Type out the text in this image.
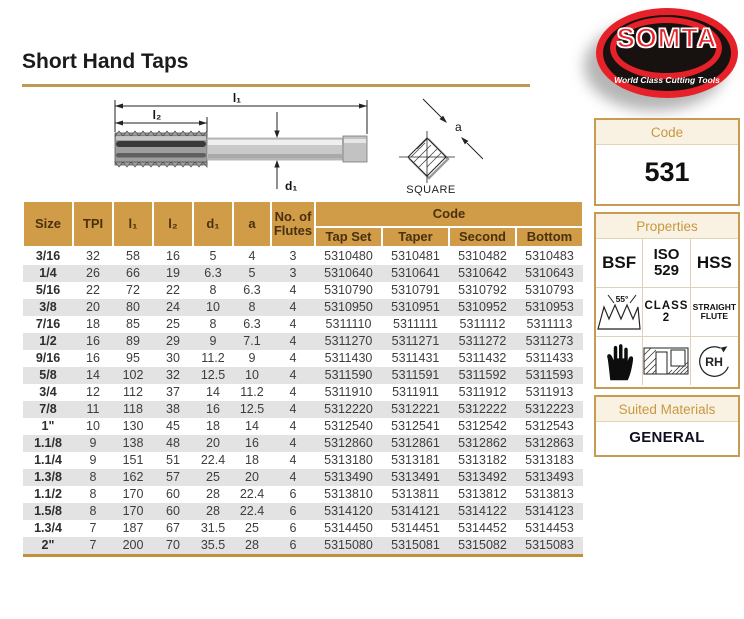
Short Hand Taps
SOMTA
World Class Cutting Tools
l₁
l₂
d₁
a
SQUARE
Code
531
Properties
BSF ISO
529 HSS
55°
CLASS
2
STRAIGHT
FLUTE
RH
Suited Materials
GENERAL
Size	TPI	l₁	l₂	d₁	a	No. of
Flutes	Code			
							Tap Set	Taper	Second	Bottom
3/16	32	58	16	5	4	3	5310480	5310481	5310482	5310483
1/4	26	66	19	6.3	5	3	5310640	5310641	5310642	5310643
5/16	22	72	22	8	6.3	4	5310790	5310791	5310792	5310793
3/8	20	80	24	10	8	4	5310950	5310951	5310952	5310953
7/16	18	85	25	8	6.3	4	5311110	5311111	5311112	5311113
1/2	16	89	29	9	7.1	4	5311270	5311271	5311272	5311273
9/16	16	95	30	11.2	9	4	5311430	5311431	5311432	5311433
5/8	14	102	32	12.5	10	4	5311590	5311591	5311592	5311593
3/4	12	112	37	14	11.2	4	5311910	5311911	5311912	5311913
7/8	11	118	38	16	12.5	4	5312220	5312221	5312222	5312223
1"	10	130	45	18	14	4	5312540	5312541	5312542	5312543
1.1/8	9	138	48	20	16	4	5312860	5312861	5312862	5312863
1.1/4	9	151	51	22.4	18	4	5313180	5313181	5313182	5313183
1.3/8	8	162	57	25	20	4	5313490	5313491	5313492	5313493
1.1/2	8	170	60	28	22.4	6	5313810	5313811	5313812	5313813
1.5/8	8	170	60	28	22.4	6	5314120	5314121	5314122	5314123
1.3/4	7	187	67	31.5	25	6	5314450	5314451	5314452	5314453
2"	7	200	70	35.5	28	6	5315080	5315081	5315082	5315083
